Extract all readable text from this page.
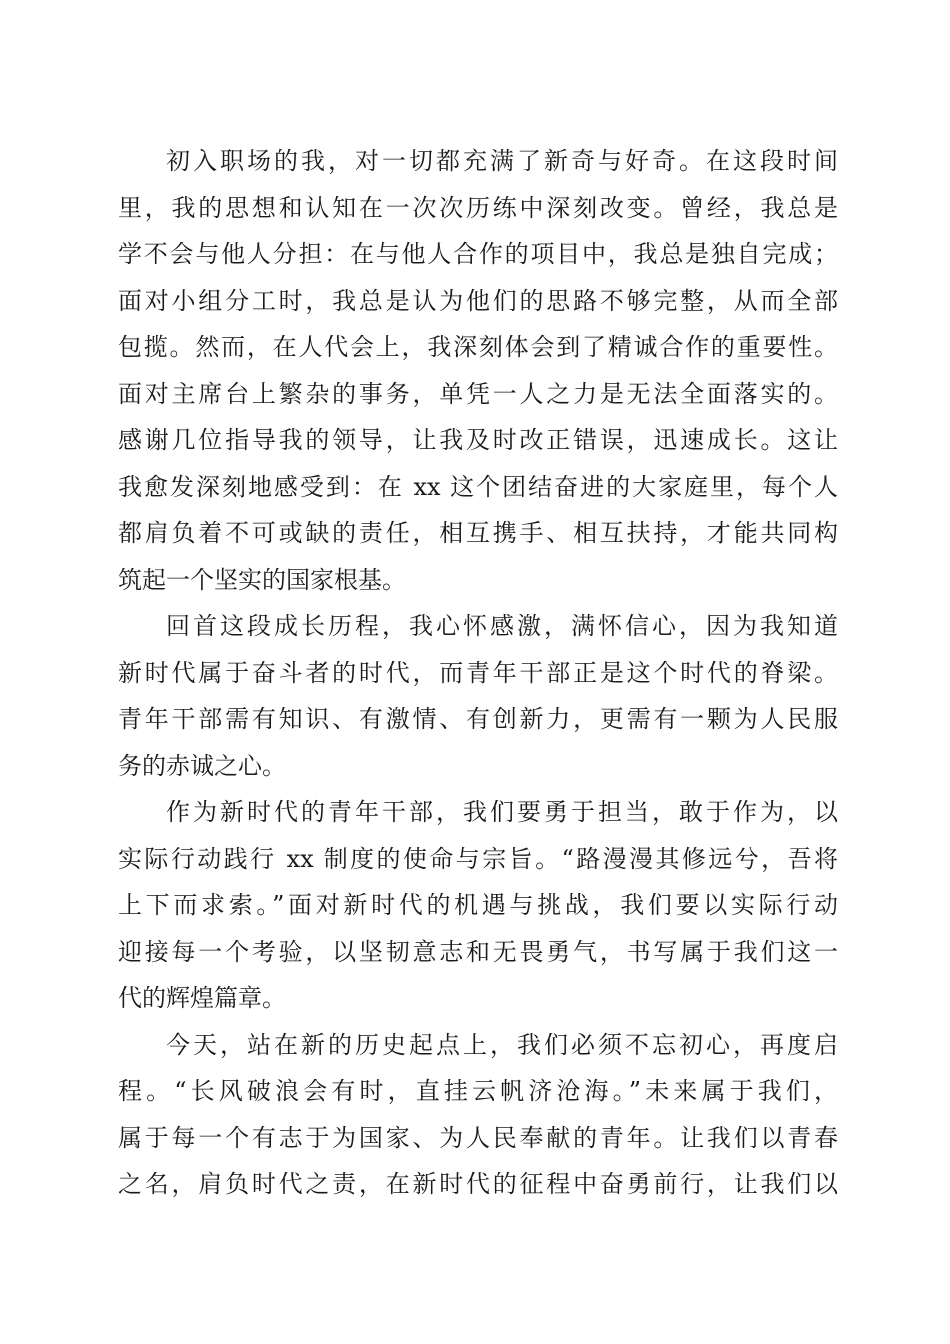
初入职场的我，对一切都充满了新奇与好奇。在这段时间
里，我的思想和认知在一次次历练中深刻改变。曾经，我总是
学不会与他人分担：在与他人合作的项目中，我总是独自完成；
面对小组分工时，我总是认为他们的思路不够完整，从而全部
包揽。然而，在人代会上，我深刻体会到了精诚合作的重要性。
面对主席台上繁杂的事务，单凭一人之力是无法全面落实的。
感谢几位指导我的领导，让我及时改正错误，迅速成长。这让
我愈发深刻地感受到：在 xx 这个团结奋进的大家庭里，每个人
都肩负着不可或缺的责任，相互携手、相互扶持，才能共同构
筑起一个坚实的国家根基。
回首这段成长历程，我心怀感激，满怀信心，因为我知道
新时代属于奋斗者的时代，而青年干部正是这个时代的脊梁。
青年干部需有知识、有激情、有创新力，更需有一颗为人民服
务的赤诚之心。
作为新时代的青年干部，我们要勇于担当，敢于作为，以
实际行动践行 xx 制度的使命与宗旨。“路漫漫其修远兮，吾将
上下而求索。”面对新时代的机遇与挑战，我们要以实际行动
迎接每一个考验，以坚韧意志和无畏勇气，书写属于我们这一
代的辉煌篇章。
今天，站在新的历史起点上，我们必须不忘初心，再度启
程。“长风破浪会有时，直挂云帆济沧海。”未来属于我们，
属于每一个有志于为国家、为人民奉献的青年。让我们以青春
之名，肩负时代之责，在新时代的征程中奋勇前行，让我们以
